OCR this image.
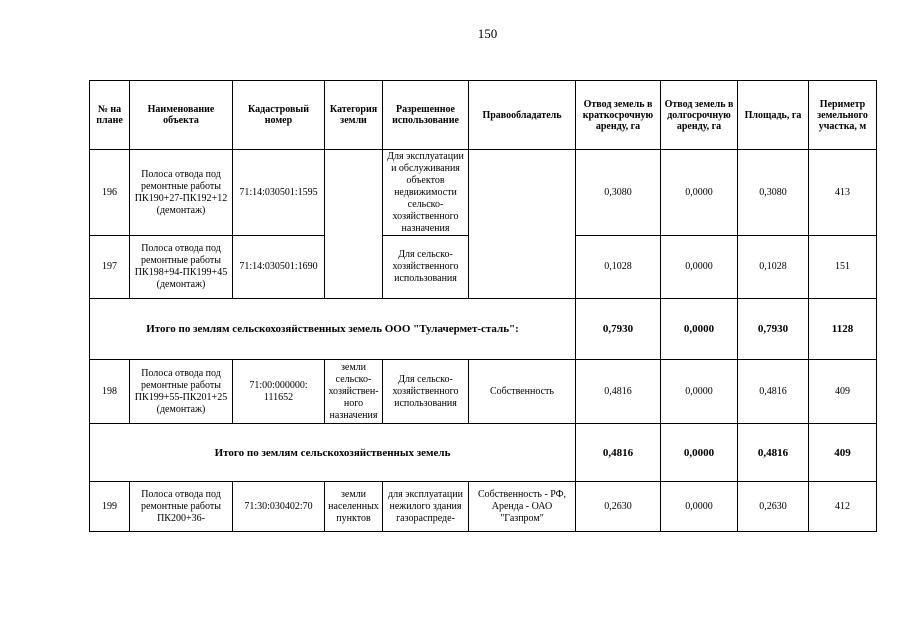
150
№ на плане	Наименование объекта	Кадастровый номер	Категория земли	Разрешенное использование	Правообладатель	Отвод земель в краткосрочную аренду, га	Отвод земель в долгосрочную аренду, га	Площадь, га	Периметр земельного участка, м
196	Полоса отвода под ремонтные работы ПК190+27-ПК192+12 (демонтаж)	71:14:030501:1595		Для эксплуатации и обслуживания объектов недвижимости сельско-хозяйственного назначения		0,3080	0,0000	0,3080	413
197	Полоса отвода под ремонтные работы ПК198+94-ПК199+45 (демонтаж)	71:14:030501:1690		Для сельско-хозяйственного использования		0,1028	0,0000	0,1028	151
Итого по землям сельскохозяйственных земель ООО "Тулачермет-сталь":						0,7930	0,0000	0,7930	1128
198	Полоса отвода под ремонтные работы ПК199+55-ПК201+25 (демонтаж)	71:00:000000: 111652	земли сельско-хозяйствен-ного назначения	Для сельско-хозяйственного использования	Собственность	0,4816	0,0000	0,4816	409
Итого по землям сельскохозяйственных земель						0,4816	0,0000	0,4816	409
199	Полоса отвода под ремонтные работы ПК200+36-	71:30:030402:70	земли населенных пунктов	для эксплуатации нежилого здания газораспреде-	Собственность - РФ, Аренда - ОАО "Газпром"	0,2630	0,0000	0,2630	412
